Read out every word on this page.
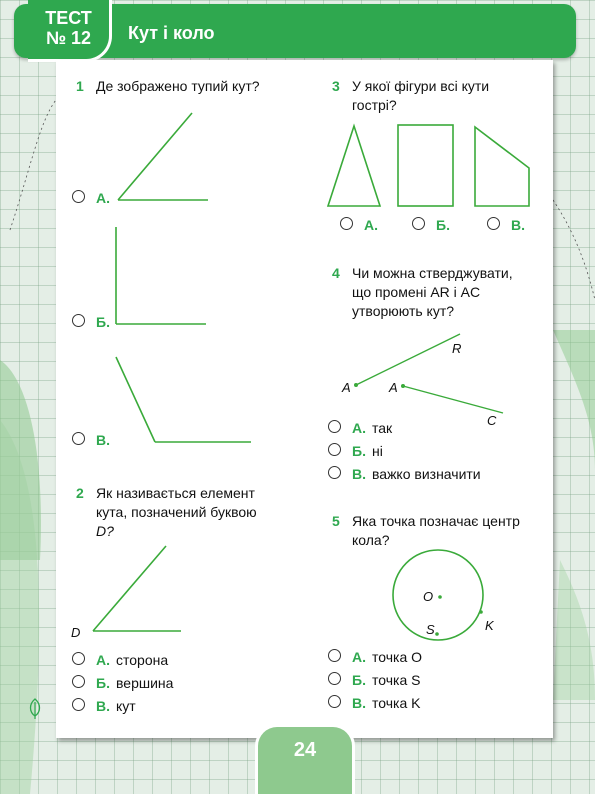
ТЕСТ
№ 12	Кут і коло
1 Де зображено тупий кут?
А.
Б.
В.
2 Як називається елемент
кута, позначений буквою
D?
D
А. сторона
Б. вершина
В. кут
3 У якої фігури всі кути
гострі?
А.	Б.	В.
4 Чи можна стверджувати,
що промені AR і AC
утворюють кут?
A
R
A
C
А. так
Б. ні
В. важко визначити
5 Яка точка позначає центр
кола?
O
S	K
А. точка O
Б. точка S
В. точка K
24
